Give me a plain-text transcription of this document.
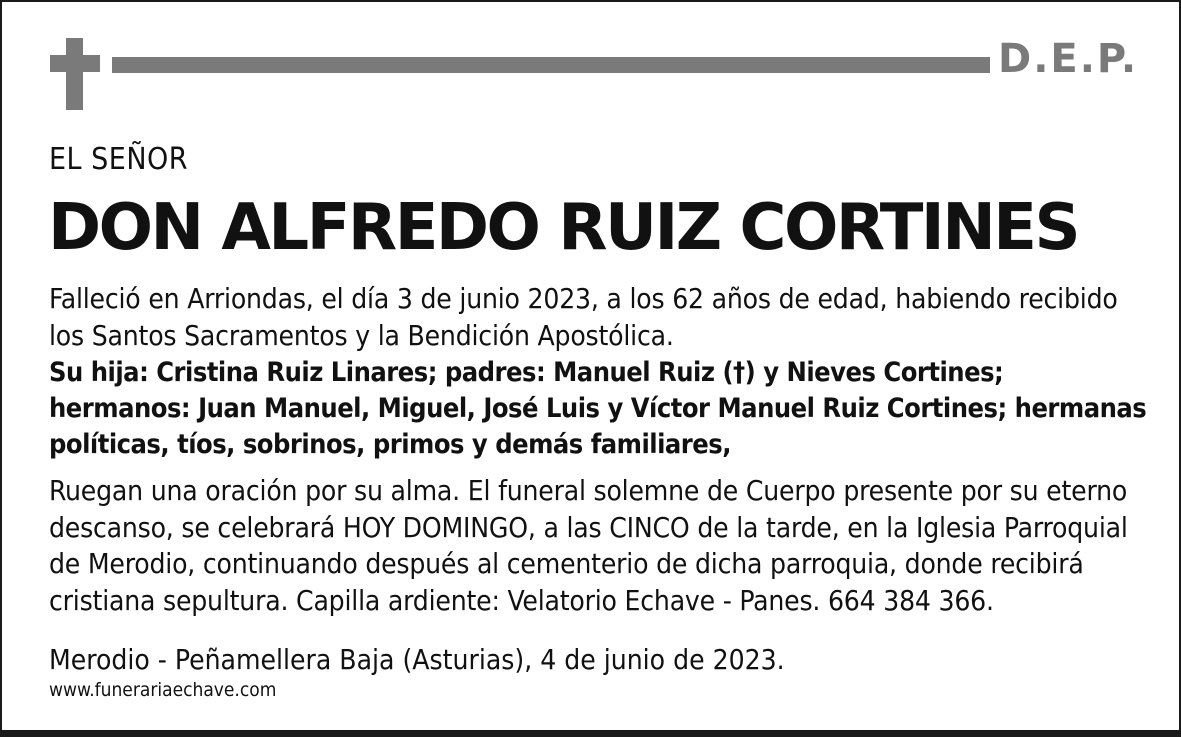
D.E.P.
EL SEÑOR
DON ALFREDO RUIZ CORTINES

Falleció en Arriondas, el día 3 de junio 2023, a los 62 años de edad, habiendo recibido los Santos Sacramentos y la Bendición Apostólica.

Su hija: Cristina Ruiz Linares; padres: Manuel Ruiz (†) y Nieves Cortines; hermanos: Juan Manuel, Miguel, José Luis y Víctor Manuel Ruiz Cortines; hermanas políticas, tíos, sobrinos, primos y demás familiares,

Ruegan una oración por su alma. El funeral solemne de Cuerpo presente por su eterno descanso, se celebrará HOY DOMINGO, a las CINCO de la tarde, en la Iglesia Parroquial de Merodio, continuando después al cementerio de dicha parroquia, donde recibirá cristiana sepultura. Capilla ardiente: Velatorio Echave - Panes. 664 384 366.

Merodio - Peñamellera Baja (Asturias), 4 de junio de 2023.
www.funerariaechave.com
